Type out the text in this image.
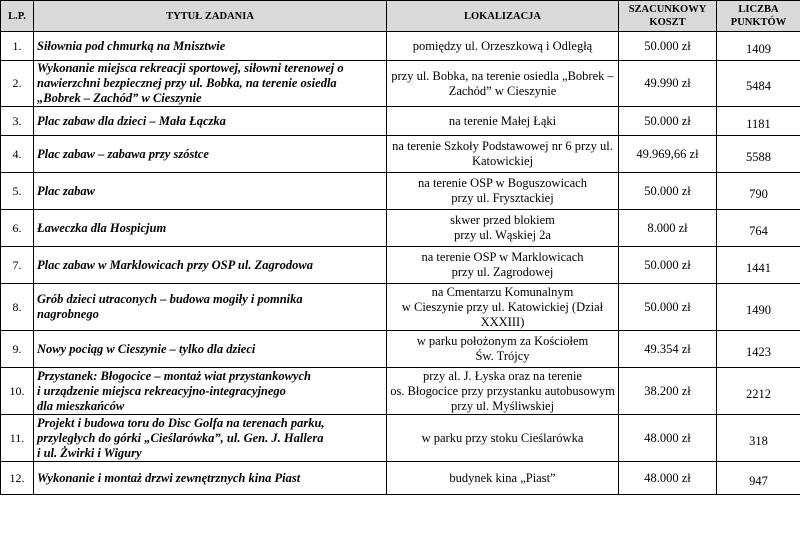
L.P.	TYTUŁ ZADANIA	LOKALIZACJA	SZACUNKOWY
KOSZT	LICZBA
PUNKTÓW
1.	Siłownia pod chmurką na Mnisztwie	pomiędzy ul. Orzeszkową i Odległą	50.000 zł	1409
2.	Wykonanie miejsca rekreacji sportowej, siłowni terenowej o
nawierzchni bezpiecznej przy ul. Bobka, na terenie osiedla
„Bobrek – Zachód” w Cieszynie	przy ul. Bobka, na terenie osiedla „Bobrek –
Zachód” w Cieszynie	49.990 zł	5484
3.	Plac zabaw dla dzieci – Mała Łączka	na terenie Małej Łąki	50.000 zł	1181
4.	Plac zabaw – zabawa przy szóstce	na terenie Szkoły Podstawowej nr 6 przy ul.
Katowickiej	49.969,66 zł	5588
5.	Plac zabaw	na terenie OSP w Boguszowicach
przy ul. Frysztackiej	50.000 zł	790
6.	Ławeczka dla Hospicjum	skwer przed blokiem
przy ul. Wąskiej 2a	8.000 zł	764
7.	Plac zabaw w Marklowicach przy OSP ul. Zagrodowa	na terenie OSP w Marklowicach
przy ul. Zagrodowej	50.000 zł	1441
8.	Grób dzieci utraconych – budowa mogiły i pomnika
nagrobnego	na Cmentarzu Komunalnym
w Cieszynie przy ul. Katowickiej (Dział
XXXIII)	50.000 zł	1490
9.	Nowy pociąg w Cieszynie – tylko dla dzieci	w parku położonym za Kościołem
Św. Trójcy	49.354 zł	1423
10.	Przystanek: Błogocice – montaż wiat przystankowych
i urządzenie miejsca rekreacyjno-integracyjnego
dla mieszkańców	przy al. J. Łyska oraz na terenie
os. Błogocice przy przystanku autobusowym
przy ul. Myśliwskiej	38.200 zł	2212
11.	Projekt i budowa toru do Disc Golfa na terenach parku,
przyległych do górki „Cieślarówka”, ul. Gen. J. Hallera
i ul. Żwirki i Wigury	w parku przy stoku Cieślarówka	48.000 zł	318
12.	Wykonanie i montaż drzwi zewnętrznych kina Piast	budynek kina „Piast”	48.000 zł	947
